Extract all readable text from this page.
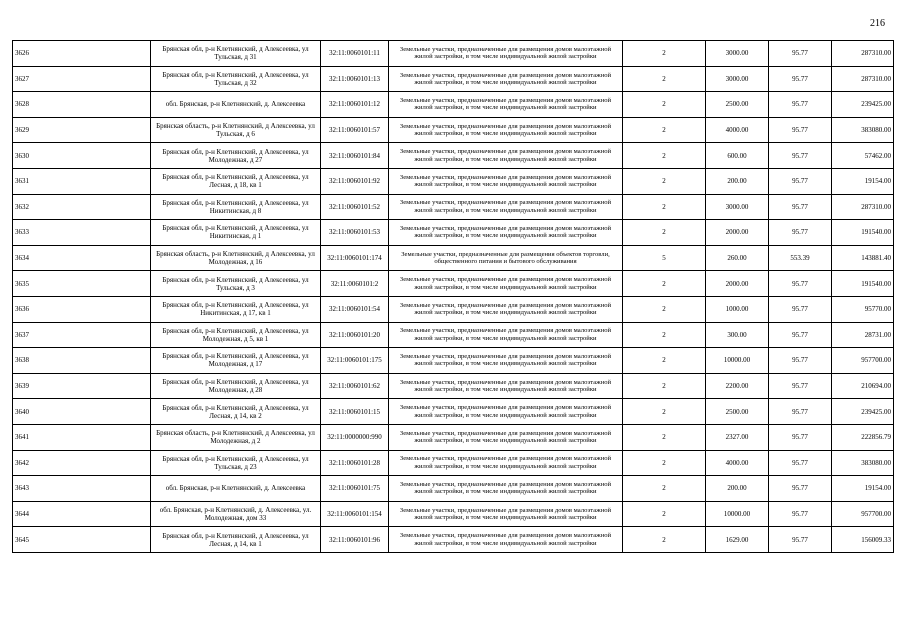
216
3626	Брянская обл, р-н Клетнянский, д Алексеевка, ул Тульская, д 31	32:11:0060101:11	Земельные участки, предназначенные для размещения домов малоэтажной жилой застройки, в том числе индивидуальной жилой застройки	2	3000.00	95.77	287310.00
3627	Брянская обл, р-н Клетнянский, д Алексеевка, ул Тульская, д 32	32:11:0060101:13	Земельные участки, предназначенные для размещения домов малоэтажной жилой застройки, в том числе индивидуальной жилой застройки	2	3000.00	95.77	287310.00
3628	обл. Брянская, р-н Клетнянский, д. Алексеевка	32:11:0060101:12	Земельные участки, предназначенные для размещения домов малоэтажной жилой застройки, в том числе индивидуальной жилой застройки	2	2500.00	95.77	239425.00
3629	Брянская область, р-н Клетнянский, д Алексеевка, ул Тульская, д 6	32:11:0060101:57	Земельные участки, предназначенные для размещения домов малоэтажной жилой застройки, в том числе индивидуальной жилой застройки	2	4000.00	95.77	383080.00
3630	Брянская обл, р-н Клетнянский, д Алексеевка, ул Молодежная, д 27	32:11:0060101:84	Земельные участки, предназначенные для размещения домов малоэтажной жилой застройки, в том числе индивидуальной жилой застройки	2	600.00	95.77	57462.00
3631	Брянская обл, р-н Клетнянский, д Алексеевка, ул Лесная, д 18, кв 1	32:11:0060101:92	Земельные участки, предназначенные для размещения домов малоэтажной жилой застройки, в том числе индивидуальной жилой застройки	2	200.00	95.77	19154.00
3632	Брянская обл, р-н Клетнянский, д Алексеевка, ул Никитинская, д 8	32:11:0060101:52	Земельные участки, предназначенные для размещения домов малоэтажной жилой застройки, в том числе индивидуальной жилой застройки	2	3000.00	95.77	287310.00
3633	Брянская обл, р-н Клетнянский, д Алексеевка, ул Никитинская, д 1	32:11:0060101:53	Земельные участки, предназначенные для размещения домов малоэтажной жилой застройки, в том числе индивидуальной жилой застройки	2	2000.00	95.77	191540.00
3634	Брянская область, р-н Клетнянский, д Алексеевка, ул Молодежная, д 16	32:11:0060101:174	Земельные участки, предназначенные для размещения объектов торговли, общественного питания и бытового обслуживания	5	260.00	553.39	143881.40
3635	Брянская обл, р-н Клетнянский, д Алексеевка, ул Тульская, д 3	32:11:0060101:2	Земельные участки, предназначенные для размещения домов малоэтажной жилой застройки, в том числе индивидуальной жилой застройки	2	2000.00	95.77	191540.00
3636	Брянская обл, р-н Клетнянский, д Алексеевка, ул Никитинская, д 17, кв 1	32:11:0060101:54	Земельные участки, предназначенные для размещения домов малоэтажной жилой застройки, в том числе индивидуальной жилой застройки	2	1000.00	95.77	95770.00
3637	Брянская обл, р-н Клетнянский, д Алексеевка, ул Молодежная, д 5, кв 1	32:11:0060101:20	Земельные участки, предназначенные для размещения домов малоэтажной жилой застройки, в том числе индивидуальной жилой застройки	2	300.00	95.77	28731.00
3638	Брянская обл, р-н Клетнянский, д Алексеевка, ул Молодежная, д 17	32:11:0060101:175	Земельные участки, предназначенные для размещения домов малоэтажной жилой застройки, в том числе индивидуальной жилой застройки	2	10000.00	95.77	957700.00
3639	Брянская обл, р-н Клетнянский, д Алексеевка, ул Молодежная, д 28	32:11:0060101:62	Земельные участки, предназначенные для размещения домов малоэтажной жилой застройки, в том числе индивидуальной жилой застройки	2	2200.00	95.77	210694.00
3640	Брянская обл, р-н Клетнянский, д Алексеевка, ул Лесная, д 14, кв 2	32:11:0060101:15	Земельные участки, предназначенные для размещения домов малоэтажной жилой застройки, в том числе индивидуальной жилой застройки	2	2500.00	95.77	239425.00
3641	Брянская область, р-н Клетнянский, д Алексеевка, ул Молодежная, д 2	32:11:0000000:990	Земельные участки, предназначенные для размещения домов малоэтажной жилой застройки, в том числе индивидуальной жилой застройки	2	2327.00	95.77	222856.79
3642	Брянская обл, р-н Клетнянский, д Алексеевка, ул Тульская, д 23	32:11:0060101:28	Земельные участки, предназначенные для размещения домов малоэтажной жилой застройки, в том числе индивидуальной жилой застройки	2	4000.00	95.77	383080.00
3643	обл. Брянская, р-н Клетнянский, д. Алексеевка	32:11:0060101:75	Земельные участки, предназначенные для размещения домов малоэтажной жилой застройки, в том числе индивидуальной жилой застройки	2	200.00	95.77	19154.00
3644	обл. Брянская, р-н Клетнянский, д. Алексеевка, ул. Молодежная, дом 33	32:11:0060101:154	Земельные участки, предназначенные для размещения домов малоэтажной жилой застройки, в том числе индивидуальной жилой застройки	2	10000.00	95.77	957700.00
3645	Брянская обл, р-н Клетнянский, д Алексеевка, ул Лесная, д 14, кв 1	32:11:0060101:96	Земельные участки, предназначенные для размещения домов малоэтажной жилой застройки, в том числе индивидуальной жилой застройки	2	1629.00	95.77	156009.33
